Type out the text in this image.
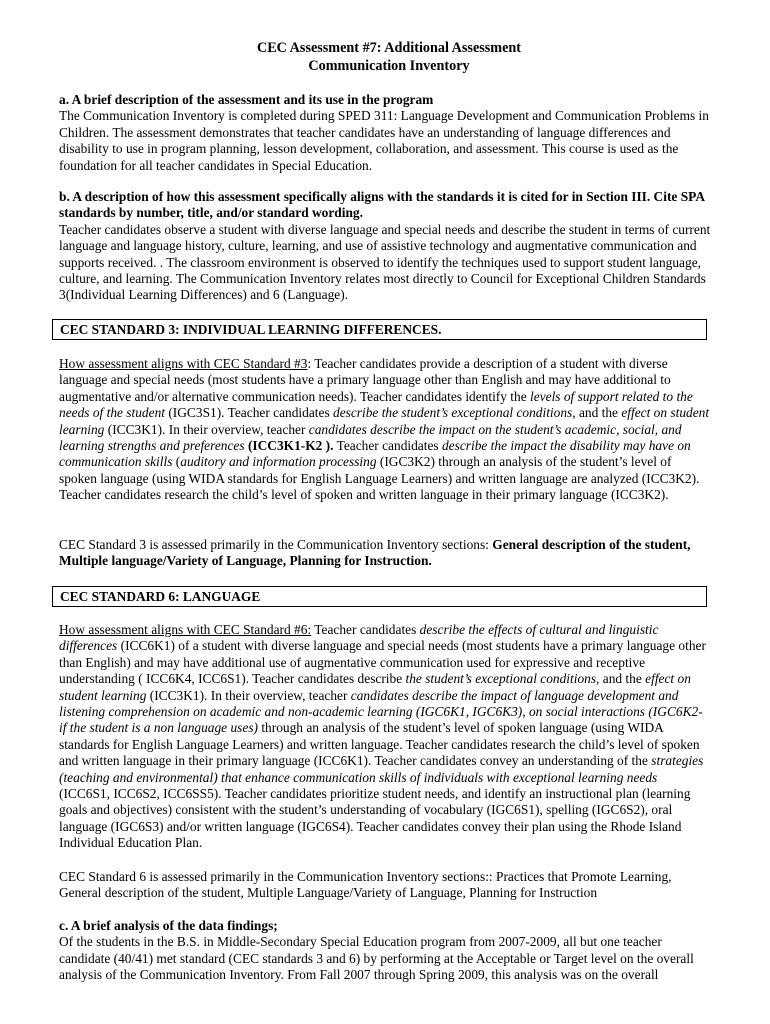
CEC Assessment #7: Additional Assessment
Communication Inventory

a. A brief description of the assessment and its use in the program

The Communication Inventory is completed during SPED 311: Language Development and Communication Problems in Children. The assessment demonstrates that teacher candidates have an understanding of language differences and disability to use in program planning, lesson development, collaboration, and assessment. This course is used as the foundation for all teacher candidates in Special Education.

b. A description of how this assessment specifically aligns with the standards it is cited for in Section III. Cite SPA standards by number, title, and/or standard wording.

Teacher candidates observe a student with diverse language and special needs and describe the student in terms of current language and language history, culture, learning, and use of assistive technology and augmentative communication and supports received. . The classroom environment is observed to identify the techniques used to support student language, culture, and learning. The Communication Inventory relates most directly to Council for Exceptional Children Standards 3(Individual Learning Differences) and 6 (Language).

CEC STANDARD 3: INDIVIDUAL LEARNING DIFFERENCES.

How assessment aligns with CEC Standard #3: Teacher candidates provide a description of a student with diverse language and special needs (most students have a primary language other than English and may have additional to augmentative and/or alternative communication needs). Teacher candidates identify the levels of support related to the needs of the student (IGC3S1). Teacher candidates describe the student’s exceptional conditions, and the effect on student learning (ICC3K1). In their overview, teacher candidates describe the impact on the student’s academic, social, and learning strengths and preferences (ICC3K1-K2 ). Teacher candidates describe the impact the disability may have on communication skills (auditory and information processing (IGC3K2) through an analysis of the student’s level of spoken language (using WIDA standards for English Language Learners) and written language are analyzed (ICC3K2). Teacher candidates research the child’s level of spoken and written language in their primary language (ICC3K2).

CEC Standard 3 is assessed primarily in the Communication Inventory sections: General description of the student, Multiple language/Variety of Language, Planning for Instruction.

CEC STANDARD 6: LANGUAGE

How assessment aligns with CEC Standard #6: Teacher candidates describe the effects of cultural and linguistic differences (ICC6K1) of a student with diverse language and special needs (most students have a primary language other than English) and may have additional use of augmentative communication used for expressive and receptive understanding ( ICC6K4, ICC6S1). Teacher candidates describe the student’s exceptional conditions, and the effect on student learning (ICC3K1). In their overview, teacher candidates describe the impact of language development and listening comprehension on academic and non-academic learning (IGC6K1, IGC6K3), on social interactions (IGC6K2- if the student is a non language uses) through an analysis of the student’s level of spoken language (using WIDA standards for English Language Learners) and written language. Teacher candidates research the child’s level of spoken and written language in their primary language (ICC6K1). Teacher candidates convey an understanding of the strategies (teaching and environmental) that enhance communication skills of individuals with exceptional learning needs (ICC6S1, ICC6S2, ICC6SS5). Teacher candidates prioritize student needs, and identify an instructional plan (learning goals and objectives) consistent with the student’s understanding of vocabulary (IGC6S1), spelling (IGC6S2), oral language (IGC6S3) and/or written language (IGC6S4). Teacher candidates convey their plan using the Rhode Island Individual Education Plan.

CEC Standard 6 is assessed primarily in the Communication Inventory sections:: Practices that Promote Learning, General description of the student, Multiple Language/Variety of Language, Planning for Instruction

c. A brief analysis of the data findings;

Of the students in the B.S. in Middle-Secondary Special Education program from 2007-2009, all but one teacher candidate (40/41) met standard (CEC standards 3 and 6) by performing at the Acceptable or Target level on the overall analysis of the Communication Inventory. From Fall 2007 through Spring 2009, this analysis was on the overall
